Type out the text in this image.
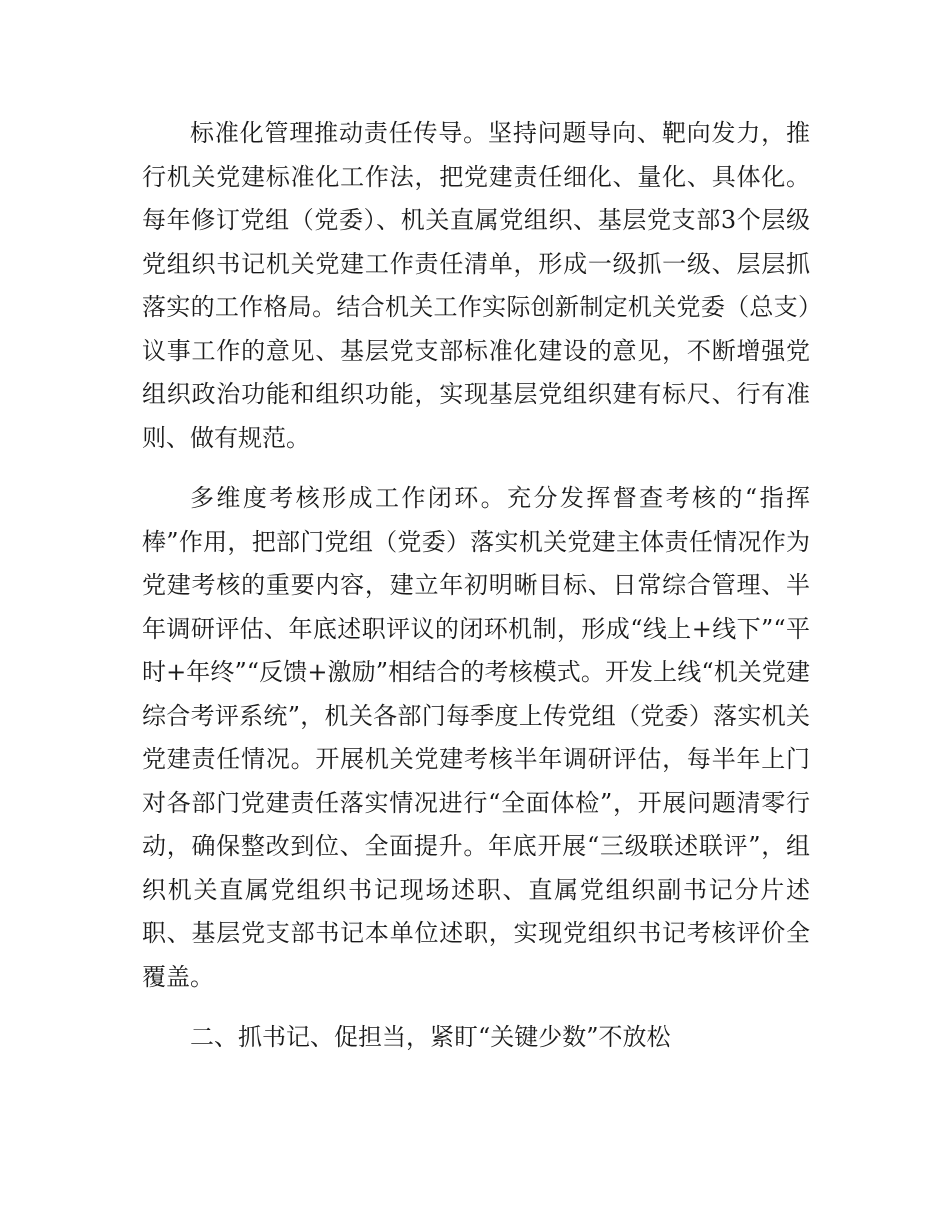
标准化管理推动责任传导。坚持问题导向、靶向发力，推行机关党建标准化工作法，把党建责任细化、量化、具体化。每年修订党组（党委）、机关直属党组织、基层党支部3个层级党组织书记机关党建工作责任清单，形成一级抓一级、层层抓落实的工作格局。结合机关工作实际创新制定机关党委（总支）议事工作的意见、基层党支部标准化建设的意见，不断增强党组织政治功能和组织功能，实现基层党组织建有标尺、行有准则、做有规范。

多维度考核形成工作闭环。充分发挥督查考核的“指挥棒”作用，把部门党组（党委）落实机关党建主体责任情况作为党建考核的重要内容，建立年初明晰目标、日常综合管理、半年调研评估、年底述职评议的闭环机制，形成“线上+线下”“平时+年终”“反馈+激励”相结合的考核模式。开发上线“机关党建综合考评系统”，机关各部门每季度上传党组（党委）落实机关党建责任情况。开展机关党建考核半年调研评估，每半年上门对各部门党建责任落实情况进行“全面体检”，开展问题清零行动，确保整改到位、全面提升。年底开展“三级联述联评”，组织机关直属党组织书记现场述职、直属党组织副书记分片述职、基层党支部书记本单位述职，实现党组织书记考核评价全覆盖。

二、抓书记、促担当，紧盯“关键少数”不放松
